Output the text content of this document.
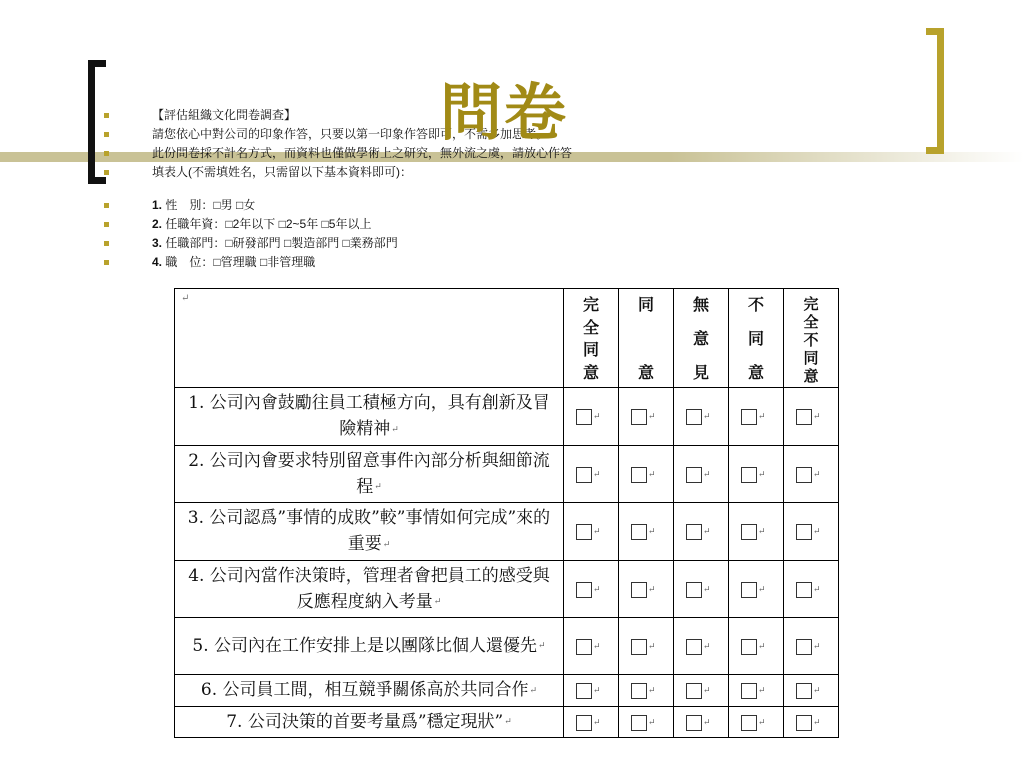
【評估組織文化問卷調查】
請您依心中對公司的印象作答，只要以第一印象作答即可，不需多加思考。
此份問卷採不計名方式，而資料也僅做學術上之研究，無外流之虞，請放心作答
填表人(不需填姓名，只需留以下基本資料即可)：
1. 性　別：□男 □女
2. 任職年資：□2年以下 □2~5年 □5年以上
3. 任職部門：□研發部門 □製造部門 □業務部門
4. 職　位：□管理職 □非管理職
問卷
↵	完
全
同
意	同

意	無
意
見	不
同
意	完
全
不
同
意

1. 公司內會鼓勵往員工積極方向，具有創新及冒險精神↵	↵	↵	↵	↵	↵
2. 公司內會要求特別留意事件內部分析與細節流程↵	↵	↵	↵	↵	↵
3. 公司認爲”事情的成敗”較”事情如何完成”來的重要↵	↵	↵	↵	↵	↵
4. 公司內當作決策時，管理者會把員工的感受與反應程度納入考量↵	↵	↵	↵	↵	↵
5. 公司內在工作安排上是以團隊比個人還優先↵	↵	↵	↵	↵	↵
6. 公司員工間，相互競爭關係高於共同合作↵	↵	↵	↵	↵	↵
7. 公司決策的首要考量爲”穩定現狀”↵	↵	↵	↵	↵	↵
